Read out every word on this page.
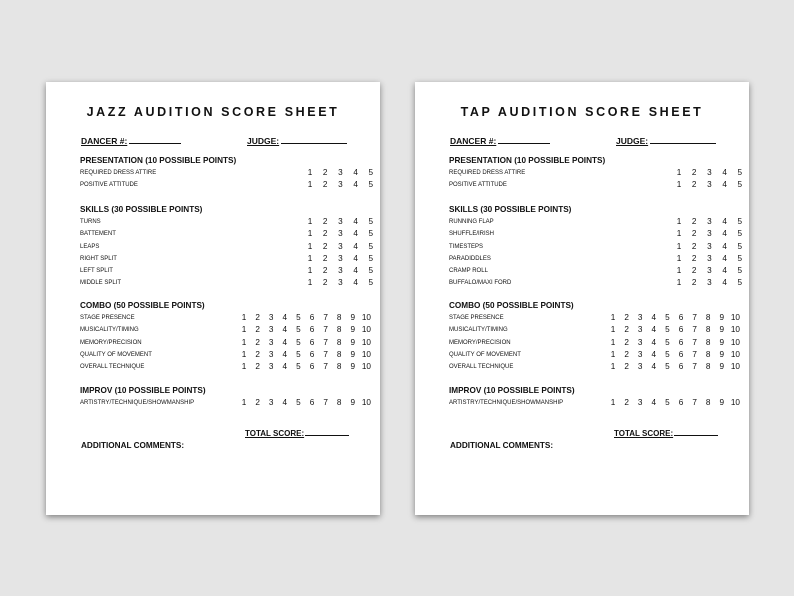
JAZZ AUDITION SCORE SHEET
DANCER #:	JUDGE:
PRESENTATION (10 POSSIBLE POINTS)
REQUIRED DRESS ATTIRE	1	2	3	4	5
POSITIVE ATTITUDE	1	2	3	4	5
SKILLS (30 POSSIBLE POINTS)
TURNS	1	2	3	4	5
BATTEMENT	1	2	3	4	5
LEAPS	1	2	3	4	5
RIGHT SPLIT	1	2	3	4	5
LEFT SPLIT	1	2	3	4	5
MIDDLE SPLIT	1	2	3	4	5
COMBO (50 POSSIBLE POINTS)
STAGE PRESENCE	1	2	3	4	5	6	7	8	9 10
MUSICALITY/TIMING	1	2	3	4	5	6	7	8	9 10
MEMORY/PRECISION	1	2	3	4	5	6	7	8	9 10
QUALITY OF MOVEMENT	1	2	3	4	5	6	7	8	9 10
OVERALL TECHNIQUE	1	2	3	4	5	6	7	8	9 10
IMPROV (10 POSSIBLE POINTS)
ARTISTRY/TECHNIQUE/SHOWMANSHIP	1	2	3	4	5	6	7	8	9 10
TOTAL SCORE:
ADDITIONAL COMMENTS:
TAP AUDITION SCORE SHEET
DANCER #:	JUDGE:
PRESENTATION (10 POSSIBLE POINTS)
REQUIRED DRESS ATTIRE	1	2	3	4	5
POSITIVE ATTITUDE	1	2	3	4	5
SKILLS (30 POSSIBLE POINTS)
RUNNING FLAP	1	2	3	4	5
SHUFFLE/IRISH	1	2	3	4	5
TIMESTEPS	1	2	3	4	5
PARADIDDLES	1	2	3	4	5
CRAMP ROLL	1	2	3	4	5
BUFFALO/MAXI FORD	1	2	3	4	5
COMBO (50 POSSIBLE POINTS)
STAGE PRESENCE	1	2	3	4	5	6	7	8	9 10
MUSICALITY/TIMING	1	2	3	4	5	6	7	8	9 10
MEMORY/PRECISION	1	2	3	4	5	6	7	8	9 10
QUALITY OF MOVEMENT	1	2	3	4	5	6	7	8	9 10
OVERALL TECHNIQUE	1	2	3	4	5	6	7	8	9 10
IMPROV (10 POSSIBLE POINTS)
ARTISTRY/TECHNIQUE/SHOWMANSHIP	1	2	3	4	5	6	7	8	9 10
TOTAL SCORE:
ADDITIONAL COMMENTS:
